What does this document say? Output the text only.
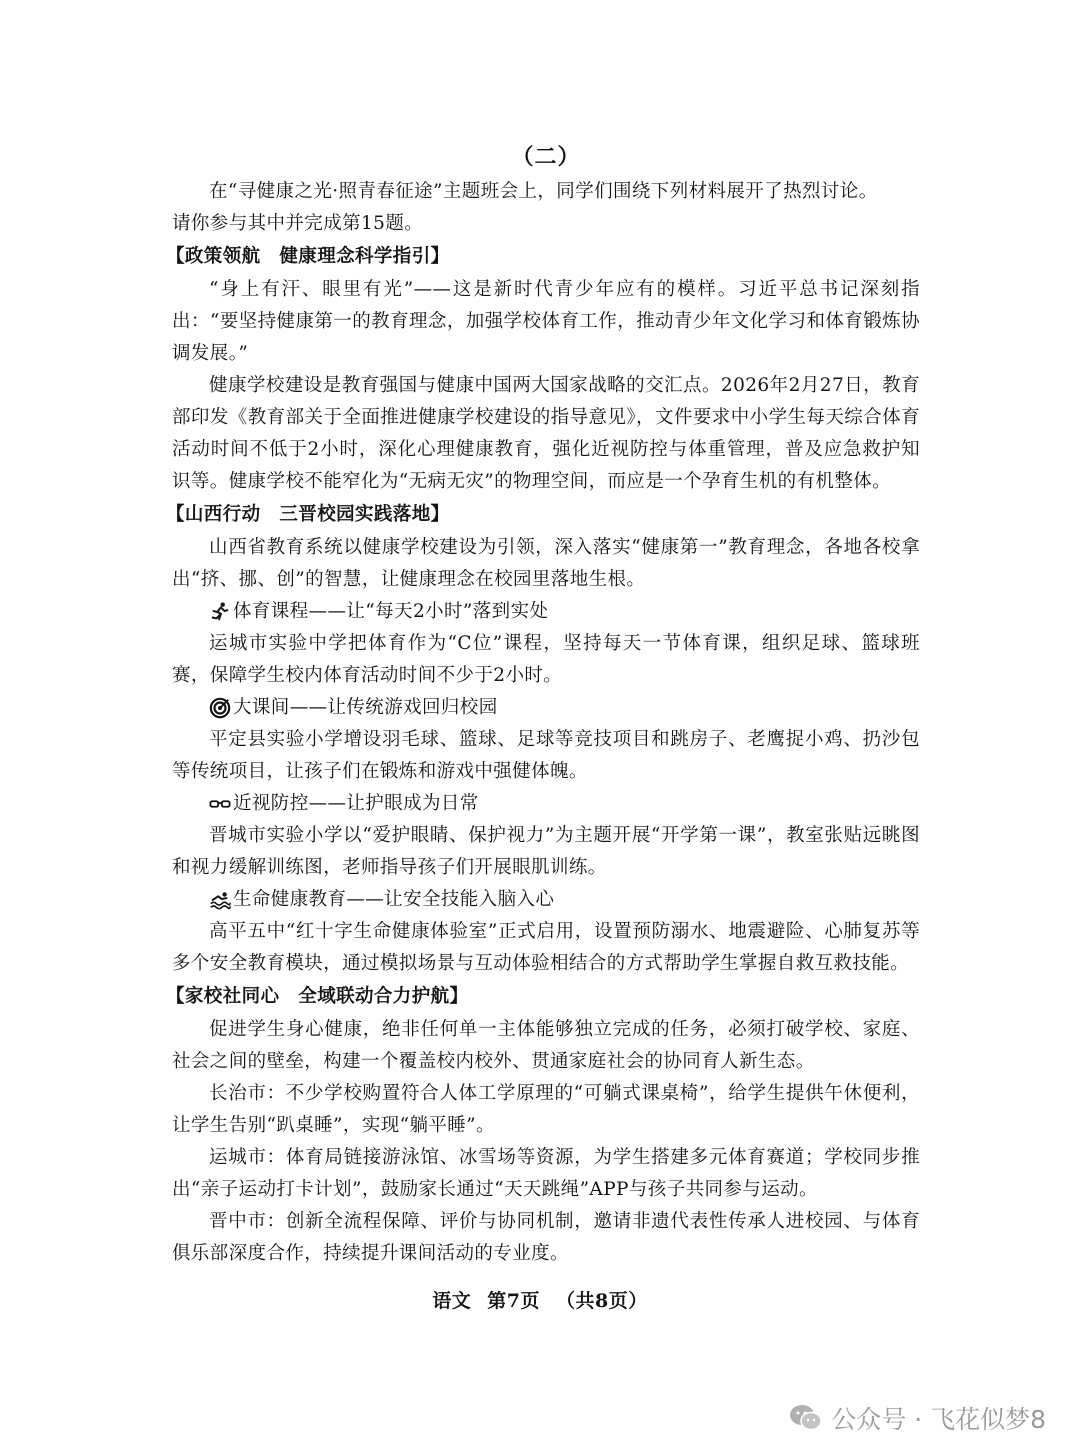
（二）

在“寻健康之光·照青春征途”主题班会上，同学们围绕下列材料展开了热烈讨论。

请你参与其中并完成第15题。

【政策领航　健康理念科学指引】

“身上有汗、眼里有光”——这是新时代青少年应有的模样。习近平总书记深刻指出：“要坚持健康第一的教育理念，加强学校体育工作，推动青少年文化学习和体育锻炼协调发展。”

健康学校建设是教育强国与健康中国两大国家战略的交汇点。2026年2月27日，教育部印发《教育部关于全面推进健康学校建设的指导意见》，文件要求中小学生每天综合体育活动时间不低于2小时，深化心理健康教育，强化近视防控与体重管理，普及应急救护知识等。健康学校不能窄化为“无病无灾”的物理空间，而应是一个孕育生机的有机整体。

【山西行动　三晋校园实践落地】

山西省教育系统以健康学校建设为引领，深入落实“健康第一”教育理念，各地各校拿出“挤、挪、创”的智慧，让健康理念在校园里落地生根。

体育课程——让“每天2小时”落到实处

运城市实验中学把体育作为“C位”课程，坚持每天一节体育课，组织足球、篮球班赛，保障学生校内体育活动时间不少于2小时。

大课间——让传统游戏回归校园

平定县实验小学增设羽毛球、篮球、足球等竞技项目和跳房子、老鹰捉小鸡、扔沙包等传统项目，让孩子们在锻炼和游戏中强健体魄。

近视防控——让护眼成为日常

晋城市实验小学以“爱护眼睛、保护视力”为主题开展“开学第一课”，教室张贴远眺图和视力缓解训练图，老师指导孩子们开展眼肌训练。

生命健康教育——让安全技能入脑入心

高平五中“红十字生命健康体验室”正式启用，设置预防溺水、地震避险、心肺复苏等多个安全教育模块，通过模拟场景与互动体验相结合的方式帮助学生掌握自救互救技能。

【家校社同心　全域联动合力护航】

促进学生身心健康，绝非任何单一主体能够独立完成的任务，必须打破学校、家庭、社会之间的壁垒，构建一个覆盖校内校外、贯通家庭社会的协同育人新生态。

长治市：不少学校购置符合人体工学原理的“可躺式课桌椅”，给学生提供午休便利，让学生告别“趴桌睡”，实现“躺平睡”。

运城市：体育局链接游泳馆、冰雪场等资源，为学生搭建多元体育赛道；学校同步推出“亲子运动打卡计划”，鼓励家长通过“天天跳绳”APP与孩子共同参与运动。

晋中市：创新全流程保障、评价与协同机制，邀请非遗代表性传承人进校园、与体育俱乐部深度合作，持续提升课间活动的专业度。

语文 第7页 （共8页）
公众号 · 飞花似梦8
